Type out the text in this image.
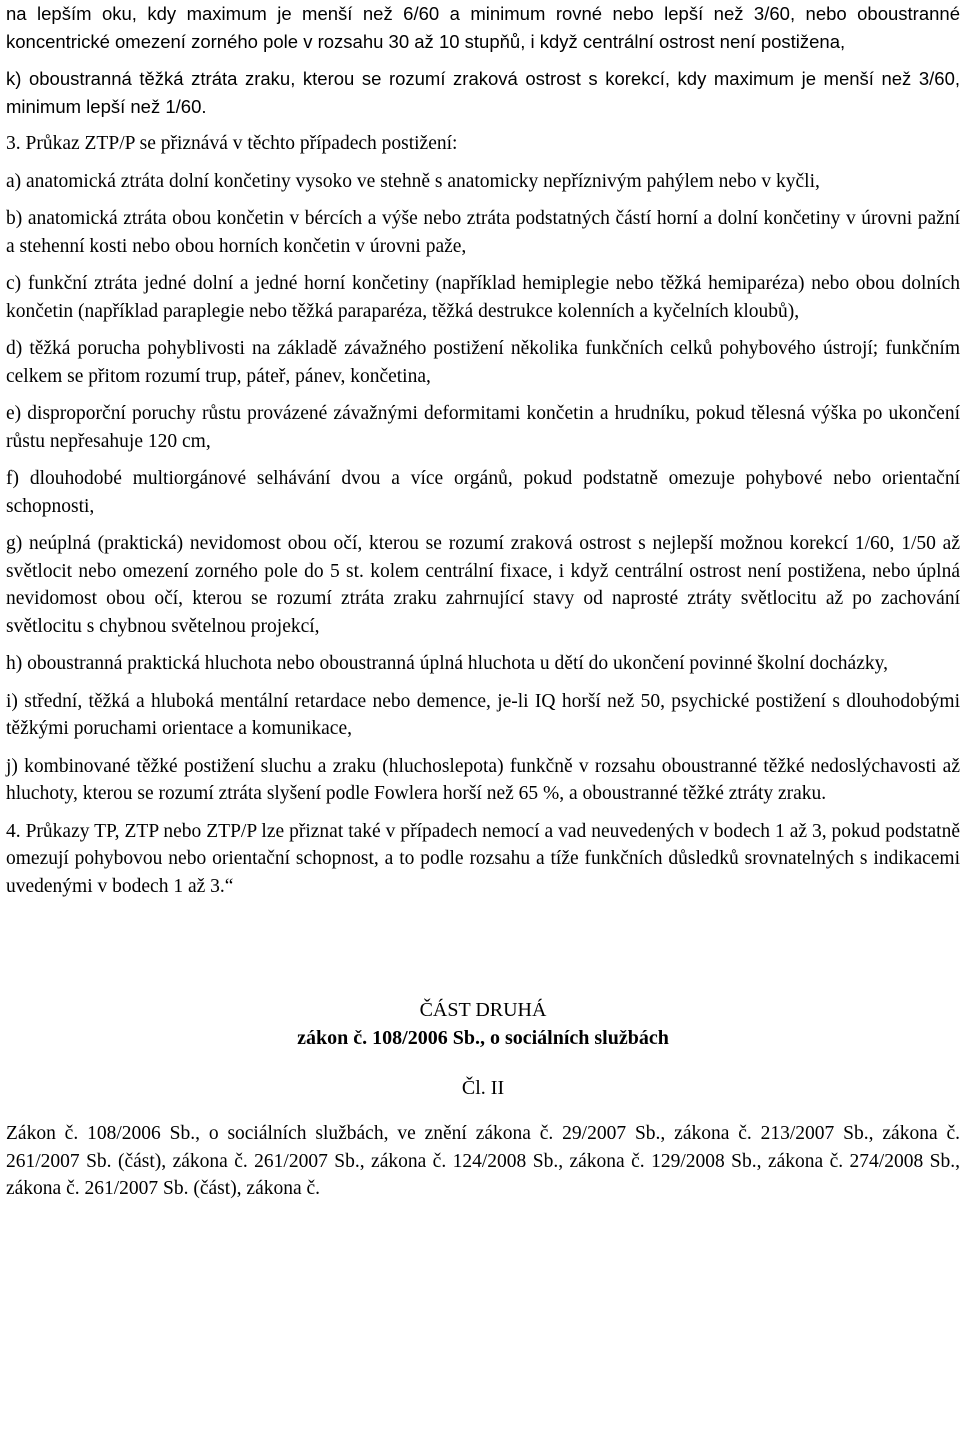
na lepším oku, kdy maximum je menší než 6/60 a minimum rovné nebo lepší než 3/60, nebo oboustranné koncentrické omezení zorného pole v rozsahu 30 až 10 stupňů, i když centrální ostrost není postižena,

k) oboustranná těžká ztráta zraku, kterou se rozumí zraková ostrost s korekcí, kdy maximum je menší než 3/60, minimum lepší než 1/60.

3. Průkaz ZTP/P se přiznává v těchto případech postižení:

a) anatomická ztráta dolní končetiny vysoko ve stehně s anatomicky nepříznivým pahýlem nebo v kyčli,

b) anatomická ztráta obou končetin v bércích a výše nebo ztráta podstatných částí horní a dolní končetiny v úrovni pažní a stehenní kosti nebo obou horních končetin v úrovni paže,

c) funkční ztráta jedné dolní a jedné horní končetiny (například hemiplegie nebo těžká hemiparéza) nebo obou dolních končetin (například paraplegie nebo těžká paraparéza, těžká destrukce kolenních a kyčelních kloubů),

d) těžká porucha pohyblivosti na základě závažného postižení několika funkčních celků pohybového ústrojí; funkčním celkem se přitom rozumí trup, páteř, pánev, končetina,

e) disproporční poruchy růstu provázené závažnými deformitami končetin a hrudníku, pokud tělesná výška po ukončení růstu nepřesahuje 120 cm,

f) dlouhodobé multiorgánové selhávání dvou a více orgánů, pokud podstatně omezuje pohybové nebo orientační schopnosti,

g) neúplná (praktická) nevidomost obou očí, kterou se rozumí zraková ostrost s nejlepší možnou korekcí 1/60, 1/50 až světlocit nebo omezení zorného pole do 5 st. kolem centrální fixace, i když centrální ostrost není postižena, nebo úplná nevidomost obou očí, kterou se rozumí ztráta zraku zahrnující stavy od naprosté ztráty světlocitu až po zachování světlocitu s chybnou světelnou projekcí,

h) oboustranná praktická hluchota nebo oboustranná úplná hluchota u dětí do ukončení povinné školní docházky,

i) střední, těžká a hluboká mentální retardace nebo demence, je-li IQ horší než 50, psychické postižení s dlouhodobými těžkými poruchami orientace a komunikace,

j) kombinované těžké postižení sluchu a zraku (hluchoslepota) funkčně v rozsahu oboustranné těžké nedoslýchavosti až hluchoty, kterou se rozumí ztráta slyšení podle Fowlera horší než 65 %, a oboustranné těžké ztráty zraku.

4. Průkazy TP, ZTP nebo ZTP/P lze přiznat také v případech nemocí a vad neuvedených v bodech 1 až 3, pokud podstatně omezují pohybovou nebo orientační schopnost, a to podle rozsahu a tíže funkčních důsledků srovnatelných s indikacemi uvedenými v bodech 1 až 3.“

ČÁST DRUHÁ

zákon č. 108/2006 Sb., o sociálních službách

Čl. II

Zákon č. 108/2006 Sb., o sociálních službách, ve znění zákona č. 29/2007 Sb., zákona č. 213/2007 Sb., zákona č. 261/2007 Sb. (část), zákona č. 261/2007 Sb., zákona č. 124/2008 Sb., zákona č. 129/2008 Sb., zákona č. 274/2008 Sb., zákona č. 261/2007 Sb. (část), zákona č.
